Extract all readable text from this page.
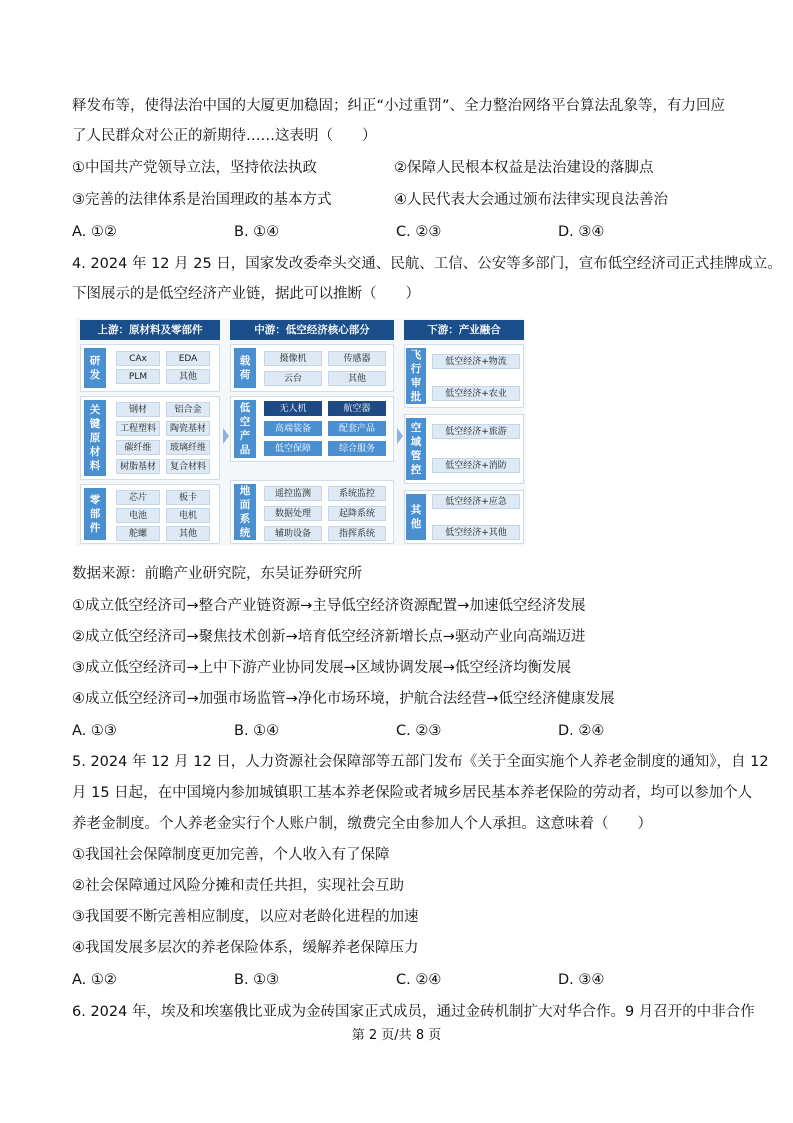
释发布等，使得法治中国的大厦更加稳固；纠正“小过重罚”、全力整治网络平台算法乱象等，有力回应
了人民群众对公正的新期待……这表明（　　）
①中国共产党领导立法，坚持依法执政	②保障人民根本权益是法治建设的落脚点
③完善的法律体系是治国理政的基本方式	④人民代表大会通过颁布法律实现良法善治
A. ①②	B. ①④	C. ②③	D. ③④
4. 2024 年 12 月 25 日，国家发改委牵头交通、民航、工信、公安等多部门，宣布低空经济司正式挂牌成立。
下图展示的是低空经济产业链，据此可以推断（　　）
上游：原材料及零部件
研发
CAx	EDA
PLM	其他
关键原材料
钢材	铝合金
工程塑料	陶瓷基材
碳纤维	玻璃纤维
树脂基材	复合材料
零部件
芯片	板卡
电池	电机
舵螺	其他
中游：低空经济核心部分
载荷
摄像机	传感器
云台	其他
低空产品
无人机	航空器
高端装备	配套产品
低空保障	综合服务
地面系统
遥控监测	系统监控
数据处理	起降系统
辅助设备	指挥系统
下游：产业融合
飞行审批
低空经济+物流
低空经济+农业
空域管控
低空经济+旅游
低空经济+消防
其他
低空经济+应急
低空经济+其他
数据来源：前瞻产业研究院，东吴证券研究所
①成立低空经济司→整合产业链资源→主导低空经济资源配置→加速低空经济发展
②成立低空经济司→聚焦技术创新→培育低空经济新增长点→驱动产业向高端迈进
③成立低空经济司→上中下游产业协同发展→区域协调发展→低空经济均衡发展
④成立低空经济司→加强市场监管→净化市场环境，护航合法经营→低空经济健康发展
A. ①③	B. ①④	C. ②③	D. ②④
5. 2024 年 12 月 12 日，人力资源社会保障部等五部门发布《关于全面实施个人养老金制度的通知》，自 12
月 15 日起，在中国境内参加城镇职工基本养老保险或者城乡居民基本养老保险的劳动者，均可以参加个人
养老金制度。个人养老金实行个人账户制，缴费完全由参加人个人承担。这意味着（　　）
①我国社会保障制度更加完善，个人收入有了保障
②社会保障通过风险分摊和责任共担，实现社会互助
③我国要不断完善相应制度，以应对老龄化进程的加速
④我国发展多层次的养老保险体系，缓解养老保障压力
A. ①②	B. ①③	C. ②④	D. ③④
6. 2024 年，埃及和埃塞俄比亚成为金砖国家正式成员，通过金砖机制扩大对华合作。9 月召开的中非合作
第 2 页/共 8 页
